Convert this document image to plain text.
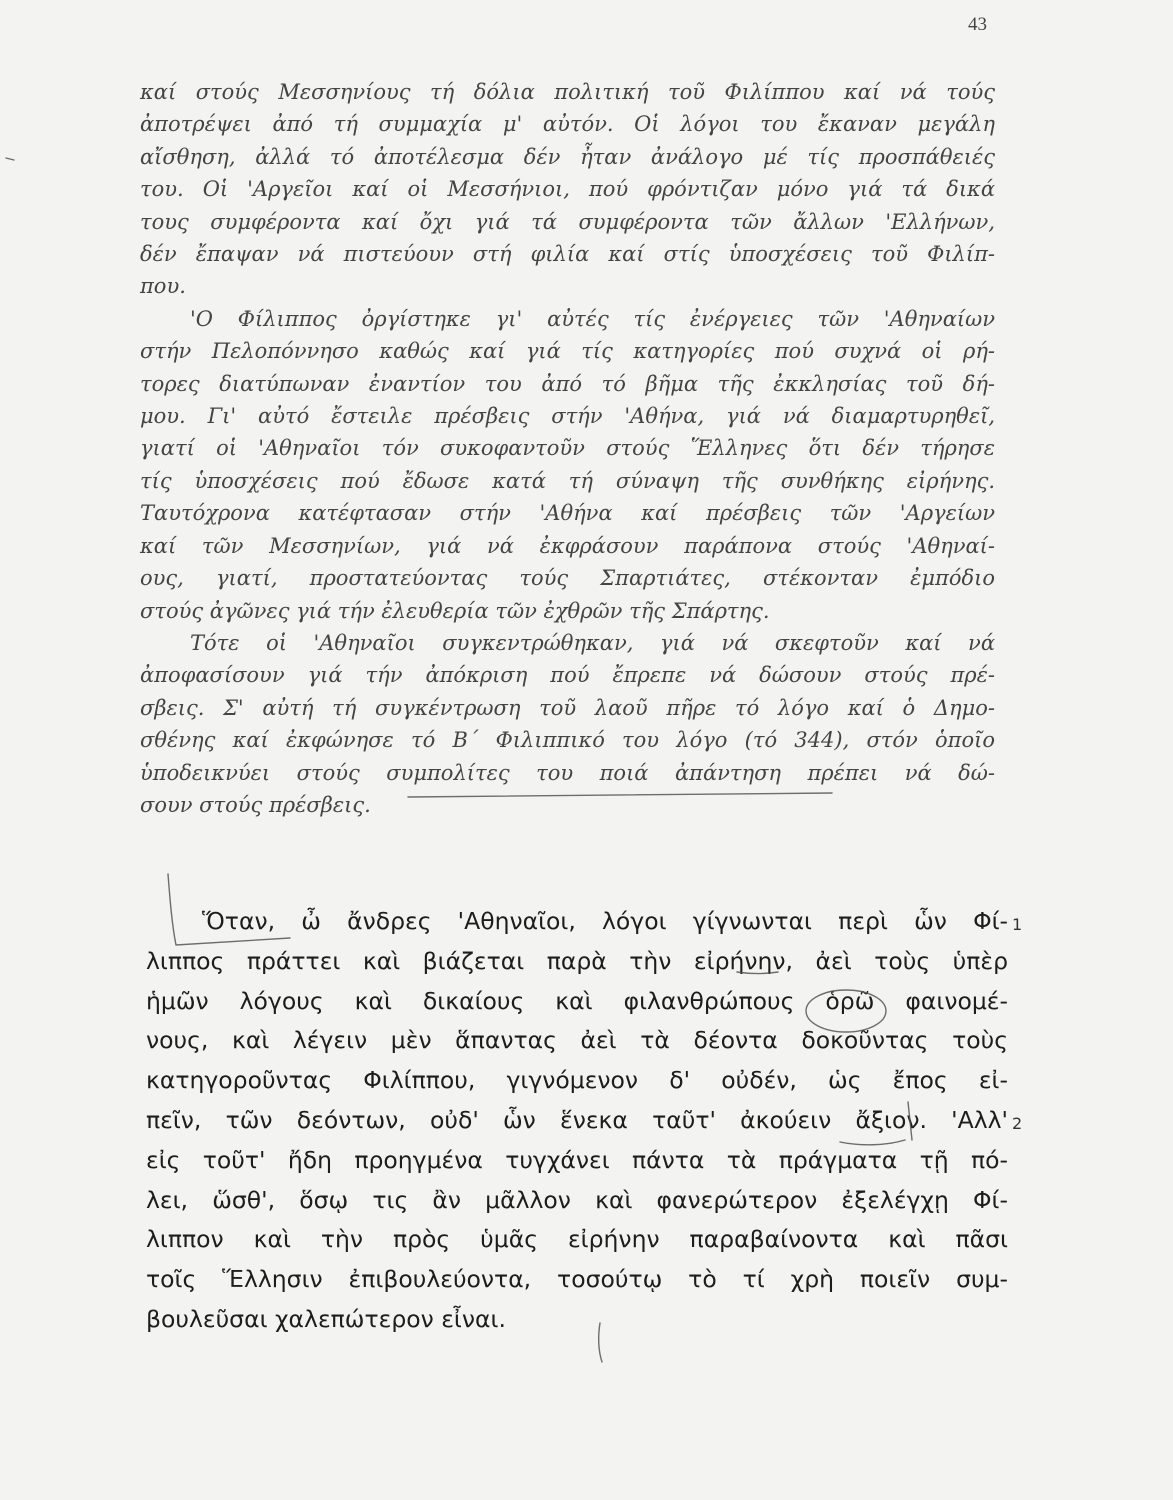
43

καί στούς Μεσσηνίους τή δόλια πολιτική τοῦ Φιλίππου καί νά τούς
ἀποτρέψει ἀπό τή συμμαχία μ' αὐτόν. Οἱ λόγοι του ἔκαναν μεγάλη
αἴσθηση, ἀλλά τό ἀποτέλεσμα δέν ἦταν ἀνάλογο μέ τίς προσπάθειές
του. Οἱ 'Αργεῖοι καί οἱ Μεσσήνιοι, πού φρόντιζαν μόνο γιά τά δικά
τους συμφέροντα καί ὄχι γιά τά συμφέροντα τῶν ἄλλων 'Ελλήνων,
δέν ἔπαψαν νά πιστεύουν στή φιλία καί στίς ὑποσχέσεις τοῦ Φιλίπ-
που.

'Ο Φίλιππος ὀργίστηκε γι' αὐτές τίς ἐνέργειες τῶν 'Αθηναίων
στήν Πελοπόννησο καθώς καί γιά τίς κατηγορίες πού συχνά οἱ ρή-
τορες διατύπωναν ἐναντίον του ἀπό τό βῆμα τῆς ἐκκλησίας τοῦ δή-
μου. Γι' αὐτό ἔστειλε πρέσβεις στήν 'Αθήνα, γιά νά διαμαρτυρηθεῖ,
γιατί οἱ 'Αθηναῖοι τόν συκοφαντοῦν στούς Ἕλληνες ὅτι δέν τήρησε
τίς ὑποσχέσεις πού ἔδωσε κατά τή σύναψη τῆς συνθήκης εἰρήνης.
Ταυτόχρονα κατέφτασαν στήν 'Αθήνα καί πρέσβεις τῶν 'Αργείων
καί τῶν Μεσσηνίων, γιά νά ἐκφράσουν παράπονα στούς 'Αθηναί-
ους, γιατί, προστατεύοντας τούς Σπαρτιάτες, στέκονταν ἐμπόδιο
στούς ἀγῶνες γιά τήν ἐλευθερία τῶν ἐχθρῶν τῆς Σπάρτης.

Τότε οἱ 'Αθηναῖοι συγκεντρώθηκαν, γιά νά σκεφτοῦν καί νά
ἀποφασίσουν γιά τήν ἀπόκριση πού ἔπρεπε νά δώσουν στούς πρέ-
σβεις. Σ' αὐτή τή συγκέντρωση τοῦ λαοῦ πῆρε τό λόγο καί ὁ Δημο-
σθένης καί ἐκφώνησε τό Β΄ Φιλιππικό του λόγο (τό 344), στόν ὁποῖο
ὑποδεικνύει στούς συμπολίτες του ποιά ἀπάντηση πρέπει νά δώ-
σουν στούς πρέσβεις.

Ὅταν, ὦ ἄνδρες 'Αθηναῖοι, λόγοι γίγνωνται περὶ ὧν Φί-
λιππος πράττει καὶ βιάζεται παρὰ τὴν εἰρήνην, ἀεὶ τοὺς ὑπὲρ
ἡμῶν λόγους καὶ δικαίους καὶ φιλανθρώπους ὁρῶ φαινομέ-
νους, καὶ λέγειν μὲν ἅπαντας ἀεὶ τὰ δέοντα δοκοῦντας τοὺς
κατηγοροῦντας Φιλίππου, γιγνόμενον δ' οὐδέν, ὡς ἔπος εἰ-
πεῖν, τῶν δεόντων, οὐδ' ὧν ἕνεκα ταῦτ' ἀκούειν ἄξιον. 'Αλλ'
εἰς τοῦτ' ἤδη προηγμένα τυγχάνει πάντα τὰ πράγματα τῇ πό-
λει, ὥσθ', ὅσῳ τις ἂν μᾶλλον καὶ φανερώτερον ἐξελέγχῃ Φί-
λιππον καὶ τὴν πρὸς ὑμᾶς εἰρήνην παραβαίνοντα καὶ πᾶσι
τοῖς Ἕλλησιν ἐπιβουλεύοντα, τοσούτῳ τὸ τί χρὴ ποιεῖν συμ-
βουλεῦσαι χαλεπώτερον εἶναι.
1
2
